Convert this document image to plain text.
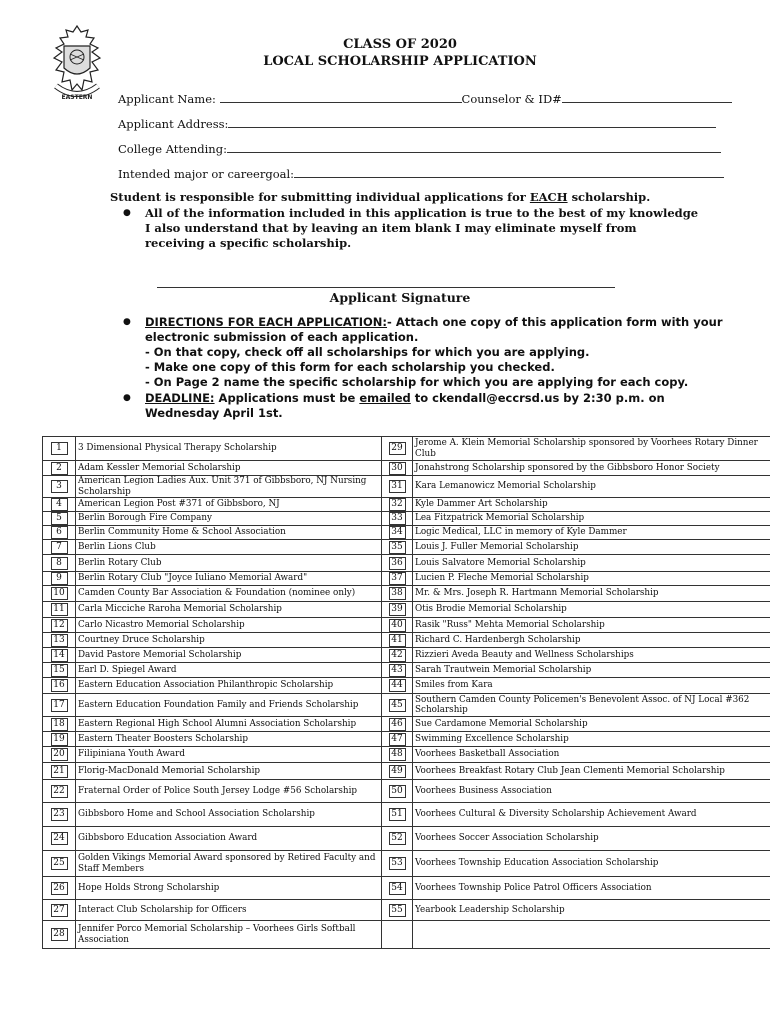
EASTERN
CLASS OF 2020
LOCAL SCHOLARSHIP APPLICATION
Applicant Name:	Counselor & ID#
Applicant Address:
College Attending:
Intended major or careergoal:
Student is responsible for submitting individual applications for EACH scholarship.
● All of the information included in this application is true to the best of my knowledge I also understand that by leaving an item blank I may eliminate myself from receiving a specific scholarship.
Applicant Signature
● DIRECTIONS FOR EACH APPLICATION:- Attach one copy of this application form with your electronic submission of each application.
- On that copy, check off all scholarships for which you are applying.
- Make one copy of this form for each scholarship you checked.
- On Page 2 name the specific scholarship for which you are applying for each copy.
● DEADLINE: Applications must be emailed to ckendall@eccrsd.us by 2:30 p.m. on Wednesday April 1st.
1	3 Dimensional Physical Therapy Scholarship	29	Jerome A. Klein Memorial Scholarship sponsored by Voorhees Rotary Dinner Club
2	Adam Kessler Memorial Scholarship	30	Jonahstrong Scholarship sponsored by the Gibbsboro Honor Society
3	American Legion Ladies Aux. Unit 371 of Gibbsboro, NJ Nursing Scholarship	31	Kara Lemanowicz Memorial Scholarship
4	American Legion Post #371 of Gibbsboro, NJ	32	Kyle Dammer Art Scholarship
5	Berlin Borough Fire Company	33	Lea Fitzpatrick Memorial Scholarship
6	Berlin Community Home & School Association	34	Logic Medical, LLC in memory of Kyle Dammer
7	Berlin Lions Club	35	Louis J. Fuller Memorial Scholarship
8	Berlin Rotary Club	36	Louis Salvatore Memorial Scholarship
9	Berlin Rotary Club "Joyce Iuliano Memorial Award"	37	Lucien P. Fleche Memorial Scholarship
10	Camden County Bar Association & Foundation (nominee only)	38	Mr. & Mrs. Joseph R. Hartmann Memorial Scholarship
11	Carla Micciche Raroha Memorial Scholarship	39	Otis Brodie Memorial Scholarship
12	Carlo Nicastro Memorial Scholarship	40	Rasik "Russ" Mehta Memorial Scholarship
13	Courtney Druce Scholarship	41	Richard C. Hardenbergh Scholarship
14	David Pastore Memorial Scholarship	42	Rizzieri Aveda Beauty and Wellness Scholarships
15	Earl D. Spiegel Award	43	Sarah Trautwein Memorial Scholarship
16	Eastern Education Association Philanthropic Scholarship	44	Smiles from Kara
17	Eastern Education Foundation Family and Friends Scholarship	45	Southern Camden County Policemen's Benevolent Assoc. of NJ Local #362 Scholarship
18	Eastern Regional High School Alumni Association Scholarship	46	Sue Cardamone Memorial Scholarship
19	Eastern Theater Boosters Scholarship	47	Swimming Excellence Scholarship
20	Filipiniana Youth Award	48	Voorhees Basketball Association
21	Florig-MacDonald Memorial Scholarship	49	Voorhees Breakfast Rotary Club Jean Clementi Memorial Scholarship
22	Fraternal Order of Police South Jersey Lodge #56 Scholarship	50	Voorhees Business Association
23	Gibbsboro Home and School Association Scholarship	51	Voorhees Cultural & Diversity Scholarship Achievement Award
24	Gibbsboro Education Association Award	52	Voorhees Soccer Association Scholarship
25	Golden Vikings Memorial Award sponsored by Retired Faculty and Staff Members	53	Voorhees Township Education Association Scholarship
26	Hope Holds Strong Scholarship	54	Voorhees Township Police Patrol Officers Association
27	Interact Club Scholarship for Officers	55	Yearbook Leadership Scholarship
28	Jennifer Porco Memorial Scholarship – Voorhees Girls Softball Association		
